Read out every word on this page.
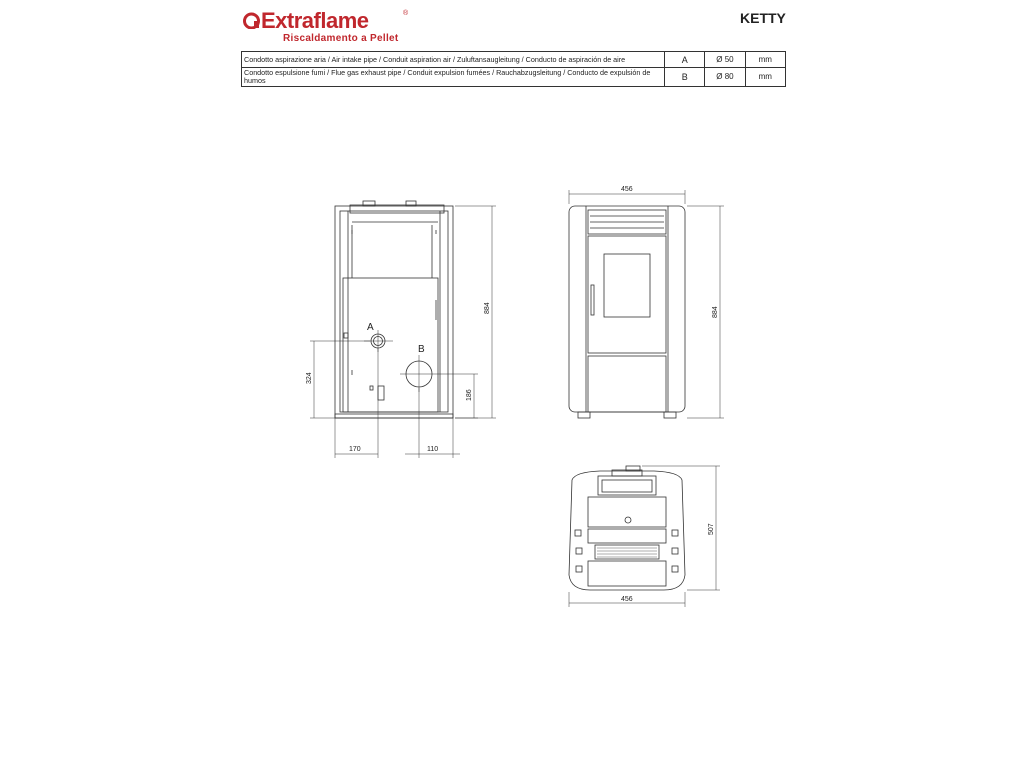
Extraflame	®
Riscaldamento a Pellet
KETTY
Condotto aspirazione aria / Air intake pipe / Conduit aspiration air / Zuluftansaugleitung / Conducto de aspiración de aire	A	Ø 50	mm
Condotto espulsione fumi / Flue gas exhaust pipe / Conduit expulsion fumées / Rauchabzugsleitung / Conducto de expulsión de humos	B	Ø 80	mm
A
B
884
324
186
170	110
456
884
507
456
